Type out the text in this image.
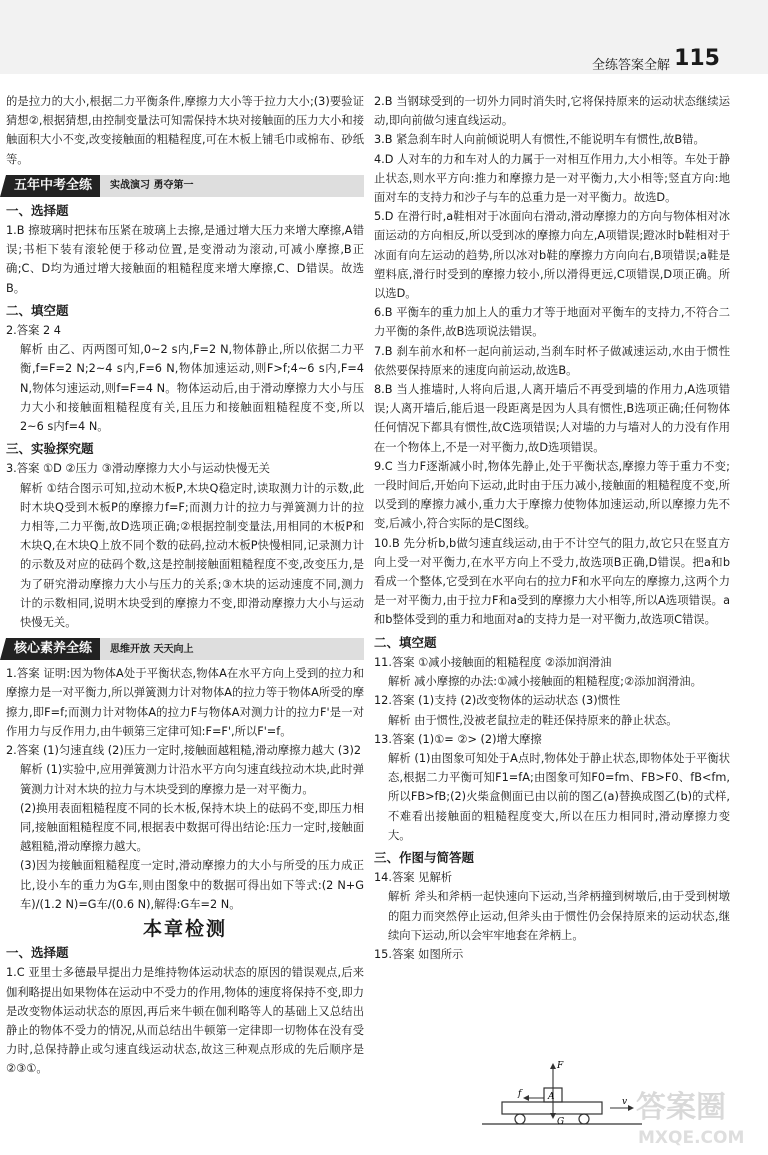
全练答案全解 115

的是拉力的大小,根据二力平衡条件,摩擦力大小等于拉力大小;(3)要验证猜想②,根据猜想,由控制变量法可知需保持木块对接触面的压力大小和接触面积大小不变,改变接触面的粗糙程度,可在木板上铺毛巾或棉布、砂纸等。

五年中考全练	实战演习 勇夺第一
一、选择题

1.B 擦玻璃时把抹布压紧在玻璃上去擦,是通过增大压力来增大摩擦,A错误;书柜下装有滚轮便于移动位置,是变滑动为滚动,可减小摩擦,B正确;C、D均为通过增大接触面的粗糙程度来增大摩擦,C、D错误。故选B。

二、填空题

2.答案 2 4

解析 由乙、丙两图可知,0~2 s内,F=2 N,物体静止,所以依据二力平衡,f=F=2 N;2~4 s内,F=6 N,物体加速运动,则F>f;4~6 s内,F=4 N,物体匀速运动,则f=F=4 N。物体运动后,由于滑动摩擦力大小与压力大小和接触面粗糙程度有关,且压力和接触面粗糙程度不变,所以2~6 s内f=4 N。

三、实验探究题

3.答案 ①D ②压力 ③滑动摩擦力大小与运动快慢无关

解析 ①结合图示可知,拉动木板P,木块Q稳定时,读取测力计的示数,此时木块Q受到木板P的摩擦力f=F;而测力计的拉力与弹簧测力计的拉力相等,二力平衡,故D选项正确;②根据控制变量法,用相同的木板P和木块Q,在木块Q上放不同个数的砝码,拉动木板P快慢相同,记录测力计的示数及对应的砝码个数,这是控制接触面粗糙程度不变,改变压力,是为了研究滑动摩擦力大小与压力的关系;③木块的运动速度不同,测力计的示数相同,说明木块受到的摩擦力不变,即滑动摩擦力大小与运动快慢无关。

核心素养全练	思维开放 天天向上

1.答案 证明:因为物体A处于平衡状态,物体A在水平方向上受到的拉力和摩擦力是一对平衡力,所以弹簧测力计对物体A的拉力等于物体A所受的摩擦力,即F=f;而测力计对物体A的拉力F与物体A对测力计的拉力F'是一对作用力与反作用力,由牛顿第三定律可知:F=F',所以F'=f。

2.答案 (1)匀速直线 (2)压力一定时,接触面越粗糙,滑动摩擦力越大 (3)2

解析 (1)实验中,应用弹簧测力计沿水平方向匀速直线拉动木块,此时弹簧测力计对木块的拉力与木块受到的摩擦力是一对平衡力。

(2)换用表面粗糙程度不同的长木板,保持木块上的砝码不变,即压力相同,接触面粗糙程度不同,根据表中数据可得出结论:压力一定时,接触面越粗糙,滑动摩擦力越大。

(3)因为接触面粗糙程度一定时,滑动摩擦力的大小与所受的压力成正比,设小车的重力为G车,则由图象中的数据可得出如下等式:(2 N+G车)/(1.2 N)=G车/(0.6 N),解得:G车=2 N。

本章检测
一、选择题

1.C 亚里士多德最早提出力是维持物体运动状态的原因的错误观点,后来伽利略提出如果物体在运动中不受力的作用,物体的速度将保持不变,即力是改变物体运动状态的原因,再后来牛顿在伽利略等人的基础上又总结出静止的物体不受力的情况,从而总结出牛顿第一定律即一切物体在没有受力时,总保持静止或匀速直线运动状态,故这三种观点形成的先后顺序是②③①。

2.B 当钢球受到的一切外力同时消失时,它将保持原来的运动状态继续运动,即向前做匀速直线运动。

3.B 紧急刹车时人向前倾说明人有惯性,不能说明车有惯性,故B错。

4.D 人对车的力和车对人的力属于一对相互作用力,大小相等。车处于静止状态,则水平方向:推力和摩擦力是一对平衡力,大小相等;竖直方向:地面对车的支持力和沙子与车的总重力是一对平衡力。故选D。

5.D 在滑行时,a鞋相对于冰面向右滑动,滑动摩擦力的方向与物体相对冰面运动的方向相反,所以受到冰的摩擦力向左,A项错误;蹬冰时b鞋相对于冰面有向左运动的趋势,所以冰对b鞋的摩擦力方向向右,B项错误;a鞋是塑料底,滑行时受到的摩擦力较小,所以滑得更远,C项错误,D项正确。所以选D。

6.B 平衡车的重力加上人的重力才等于地面对平衡车的支持力,不符合二力平衡的条件,故B选项说法错误。

7.B 刹车前水和杯一起向前运动,当刹车时杯子做减速运动,水由于惯性依然要保持原来的速度向前运动,故选B。

8.B 当人推墙时,人将向后退,人离开墙后不再受到墙的作用力,A选项错误;人离开墙后,能后退一段距离是因为人具有惯性,B选项正确;任何物体任何情况下都具有惯性,故C选项错误;人对墙的力与墙对人的力没有作用在一个物体上,不是一对平衡力,故D选项错误。

9.C 当力F逐渐减小时,物体先静止,处于平衡状态,摩擦力等于重力不变;一段时间后,开始向下运动,此时由于压力减小,接触面的粗糙程度不变,所以受到的摩擦力减小,重力大于摩擦力使物体加速运动,所以摩擦力先不变,后减小,符合实际的是C图线。

10.B 先分析b,b做匀速直线运动,由于不计空气的阻力,故它只在竖直方向上受一对平衡力,在水平方向上不受力,故选项B正确,D错误。把a和b看成一个整体,它受到在水平向右的拉力F和水平向左的摩擦力,这两个力是一对平衡力,由于拉力F和a受到的摩擦力大小相等,所以A选项错误。a和b整体受到的重力和地面对a的支持力是一对平衡力,故选项C错误。

二、填空题

11.答案 ①减小接触面的粗糙程度 ②添加润滑油

解析 减小摩擦的办法:①减小接触面的粗糙程度;②添加润滑油。

12.答案 (1)支持 (2)改变物体的运动状态 (3)惯性

解析 由于惯性,没被老鼠拉走的鞋还保持原来的静止状态。

13.答案 (1)①= ②> (2)增大摩擦

解析 (1)由图象可知处于A点时,物体处于静止状态,即物体处于平衡状态,根据二力平衡可知F1=fA;由图象可知F0=fm、FB>F0、fB<fm,所以FB>fB;(2)火柴盒侧面已由以前的图乙(a)替换成图乙(b)的式样,不难看出接触面的粗糙程度变大,所以在压力相同时,滑动摩擦力变大。

三、作图与简答题

14.答案 见解析

解析 斧头和斧柄一起快速向下运动,当斧柄撞到树墩后,由于受到树墩的阻力而突然停止运动,但斧头由于惯性仍会保持原来的运动状态,继续向下运动,所以会牢牢地套在斧柄上。

15.答案 如图所示

F
f	A
G
v 答案圈
MXQE.COM
